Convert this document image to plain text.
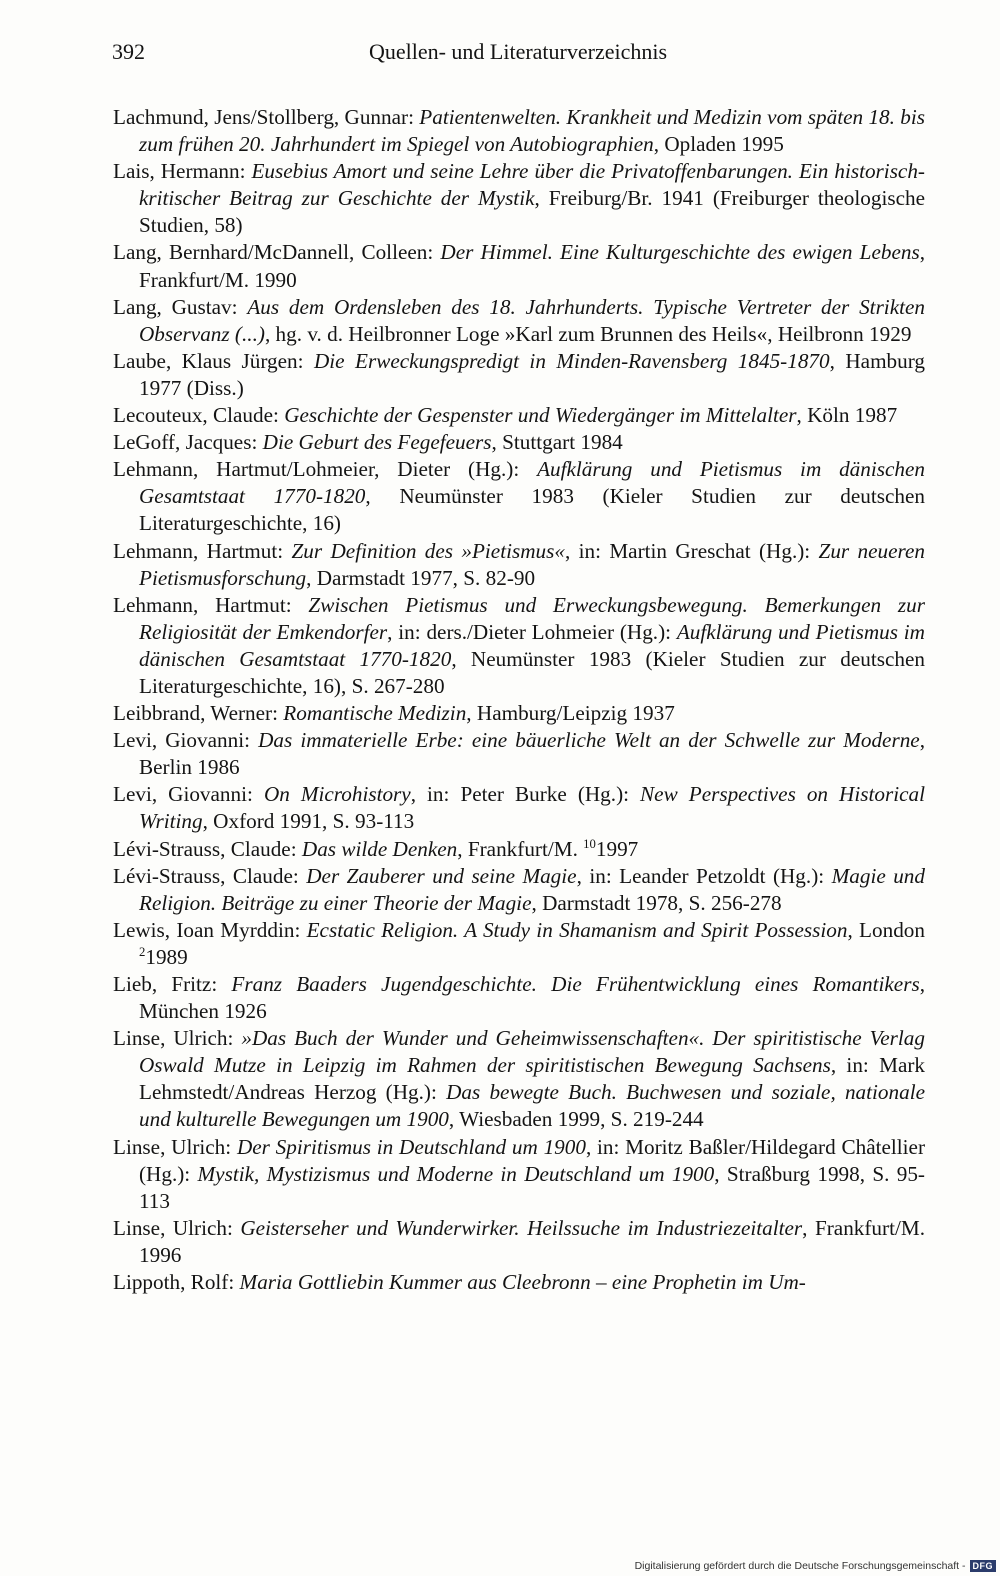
392	Quellen- und Literaturverzeichnis
Lachmund, Jens/Stollberg, Gunnar: Patientenwelten. Krankheit und Medizin vom späten 18. bis zum frühen 20. Jahrhundert im Spiegel von Autobiographien, Opladen 1995
Lais, Hermann: Eusebius Amort und seine Lehre über die Privatoffenbarungen. Ein historisch-kritischer Beitrag zur Geschichte der Mystik, Freiburg/Br. 1941 (Freiburger theologische Studien, 58)
Lang, Bernhard/McDannell, Colleen: Der Himmel. Eine Kulturgeschichte des ewigen Lebens, Frankfurt/M. 1990
Lang, Gustav: Aus dem Ordensleben des 18. Jahrhunderts. Typische Vertreter der Strikten Observanz (...), hg. v. d. Heilbronner Loge »Karl zum Brunnen des Heils«, Heilbronn 1929
Laube, Klaus Jürgen: Die Erweckungspredigt in Minden-Ravensberg 1845-1870, Hamburg 1977 (Diss.)
Lecouteux, Claude: Geschichte der Gespenster und Wiedergänger im Mittelalter, Köln 1987
LeGoff, Jacques: Die Geburt des Fegefeuers, Stuttgart 1984
Lehmann, Hartmut/Lohmeier, Dieter (Hg.): Aufklärung und Pietismus im dänischen Gesamtstaat 1770-1820, Neumünster 1983 (Kieler Studien zur deutschen Literaturgeschichte, 16)
Lehmann, Hartmut: Zur Definition des »Pietismus«, in: Martin Greschat (Hg.): Zur neueren Pietismusforschung, Darmstadt 1977, S. 82-90
Lehmann, Hartmut: Zwischen Pietismus und Erweckungsbewegung. Bemerkungen zur Religiosität der Emkendorfer, in: ders./Dieter Lohmeier (Hg.): Aufklärung und Pietismus im dänischen Gesamtstaat 1770-1820, Neumünster 1983 (Kieler Studien zur deutschen Literaturgeschichte, 16), S. 267-280
Leibbrand, Werner: Romantische Medizin, Hamburg/Leipzig 1937
Levi, Giovanni: Das immaterielle Erbe: eine bäuerliche Welt an der Schwelle zur Moderne, Berlin 1986
Levi, Giovanni: On Microhistory, in: Peter Burke (Hg.): New Perspectives on Historical Writing, Oxford 1991, S. 93-113
Lévi-Strauss, Claude: Das wilde Denken, Frankfurt/M. $^{10}$1997
Lévi-Strauss, Claude: Der Zauberer und seine Magie, in: Leander Petzoldt (Hg.): Magie und Religion. Beiträge zu einer Theorie der Magie, Darmstadt 1978, S. 256-278
Lewis, Ioan Myrddin: Ecstatic Religion. A Study in Shamanism and Spirit Possession, London $^2$1989
Lieb, Fritz: Franz Baaders Jugendgeschichte. Die Frühentwicklung eines Romantikers, München 1926
Linse, Ulrich: »Das Buch der Wunder und Geheimwissenschaften«. Der spiritistische Verlag Oswald Mutze in Leipzig im Rahmen der spiritistischen Bewegung Sachsens, in: Mark Lehmstedt/Andreas Herzog (Hg.): Das bewegte Buch. Buchwesen und soziale, nationale und kulturelle Bewegungen um 1900, Wiesbaden 1999, S. 219-244
Linse, Ulrich: Der Spiritismus in Deutschland um 1900, in: Moritz Baßler/Hildegard Châtellier (Hg.): Mystik, Mystizismus und Moderne in Deutschland um 1900, Straßburg 1998, S. 95-113
Linse, Ulrich: Geisterseher und Wunderwirker. Heilssuche im Industriezeitalter, Frankfurt/M. 1996
Lippoth, Rolf: Maria Gottliebin Kummer aus Cleebronn – eine Prophetin im Um-
Digitalisierung gefördert durch die Deutsche Forschungsgemeinschaft - DFG
